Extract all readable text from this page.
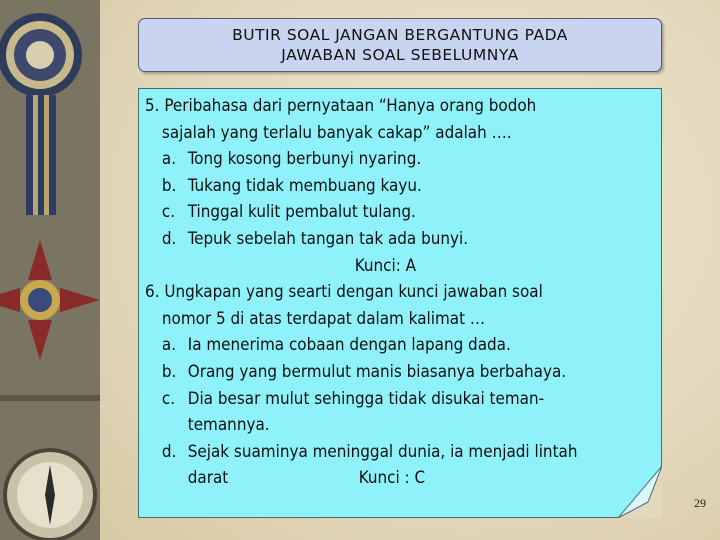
BUTIR SOAL JANGAN BERGANTUNG PADA
JAWABAN SOAL SEBELUMNYA
5. Peribahasa dari pernyataan “Hanya orang bodoh
sajalah yang terlalu banyak cakap” adalah ….
a. Tong kosong berbunyi nyaring.
b. Tukang tidak membuang kayu.
c. Tinggal kulit pembalut tulang.
d. Tepuk sebelah tangan tak ada bunyi.
Kunci: A
6. Ungkapan yang searti dengan kunci jawaban soal
nomor 5 di atas terdapat dalam kalimat …
a. Ia menerima cobaan dengan lapang dada.
b. Orang yang bermulut manis biasanya berbahaya.
c. Dia besar mulut sehingga tidak disukai teman-
temannya.
d. Sejak suaminya meninggal dunia, ia menjadi lintah
darat	Kunci : C
29
